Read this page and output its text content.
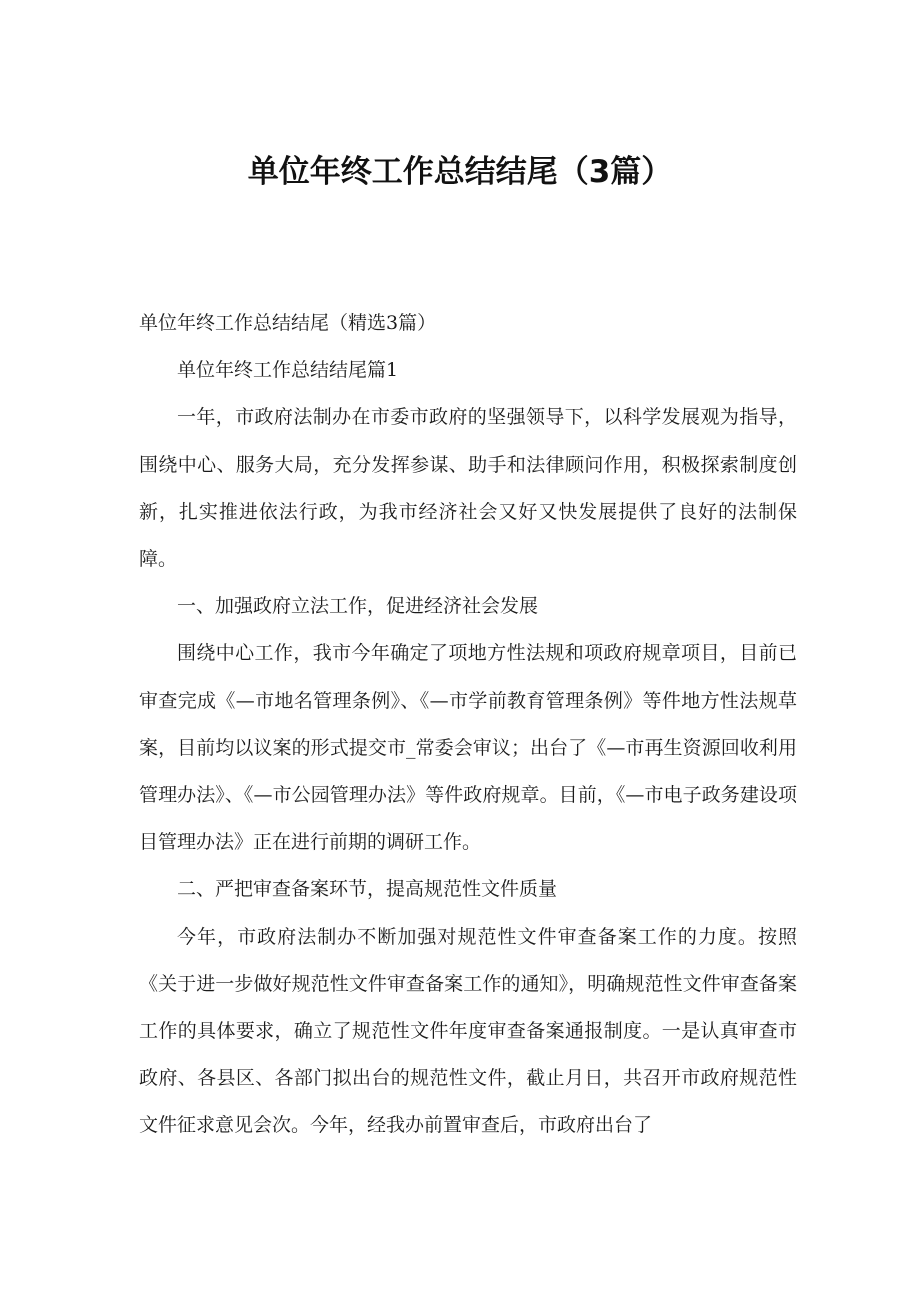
单位年终工作总结结尾（3篇）

单位年终工作总结结尾（精选3篇）

单位年终工作总结结尾篇1

一年，市政府法制办在市委市政府的坚强领导下，以科学发展观为指导，围绕中心、服务大局，充分发挥参谋、助手和法律顾问作用，积极探索制度创新，扎实推进依法行政，为我市经济社会又好又快发展提供了良好的法制保障。

一、加强政府立法工作，促进经济社会发展

围绕中心工作，我市今年确定了项地方性法规和项政府规章项目，目前已审查完成《—市地名管理条例》、《—市学前教育管理条例》等件地方性法规草案，目前均以议案的形式提交市_常委会审议；出台了《—市再生资源回收利用管理办法》、《—市公园管理办法》等件政府规章。目前，《—市电子政务建设项目管理办法》正在进行前期的调研工作。

二、严把审查备案环节，提高规范性文件质量

今年，市政府法制办不断加强对规范性文件审查备案工作的力度。按照《关于进一步做好规范性文件审查备案工作的通知》，明确规范性文件审查备案工作的具体要求，确立了规范性文件年度审查备案通报制度。一是认真审查市政府、各县区、各部门拟出台的规范性文件，截止月日，共召开市政府规范性文件征求意见会次。今年，经我办前置审查后，市政府出台了
